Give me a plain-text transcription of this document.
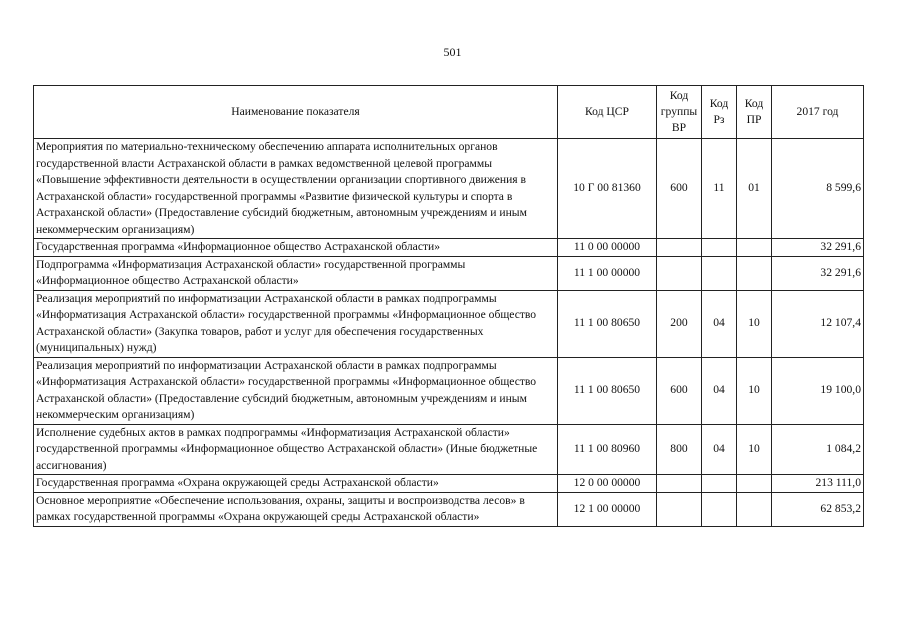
501
Наименование показателя	Код ЦСР	Код группы ВР	Код Рз	Код ПР	2017 год
Мероприятия по материально-техническому обеспечению аппарата исполнительных органов государственной власти Астраханской области в рамках ведомственной целевой программы «Повышение эффективности деятельности в осуществлении организации спортивного движения в Астраханской области» государственной программы «Развитие физической культуры и спорта в Астраханской области» (Предоставление субсидий бюджетным, автономным учреждениям и иным некоммерческим организациям)	10 Г 00 81360	600	11	01	8 599,6
Государственная программа «Информационное общество Астраханской области»	11 0 00 00000				32 291,6
Подпрограмма «Информатизация Астраханской области» государственной программы «Информационное общество Астраханской области»	11 1 00 00000				32 291,6
Реализация мероприятий по информатизации Астраханской области в рамках подпрограммы «Информатизация Астраханской области» государственной программы «Информационное общество Астраханской области» (Закупка товаров, работ и услуг для обеспечения государственных (муниципальных) нужд)	11 1 00 80650	200	04	10	12 107,4
Реализация мероприятий по информатизации Астраханской области в рамках подпрограммы «Информатизация Астраханской области» государственной программы «Информационное общество Астраханской области» (Предоставление субсидий бюджетным, автономным учреждениям и иным некоммерческим организациям)	11 1 00 80650	600	04	10	19 100,0
Исполнение судебных актов в рамках подпрограммы «Информатизация Астраханской области» государственной программы «Информационное общество Астраханской области» (Иные бюджетные ассигнования)	11 1 00 80960	800	04	10	1 084,2
Государственная программа «Охрана окружающей среды Астраханской области»	12 0 00 00000				213 111,0
Основное мероприятие «Обеспечение использования, охраны, защиты и воспроизводства лесов» в рамках государственной программы «Охрана окружающей среды Астраханской области»	12 1 00 00000				62 853,2
